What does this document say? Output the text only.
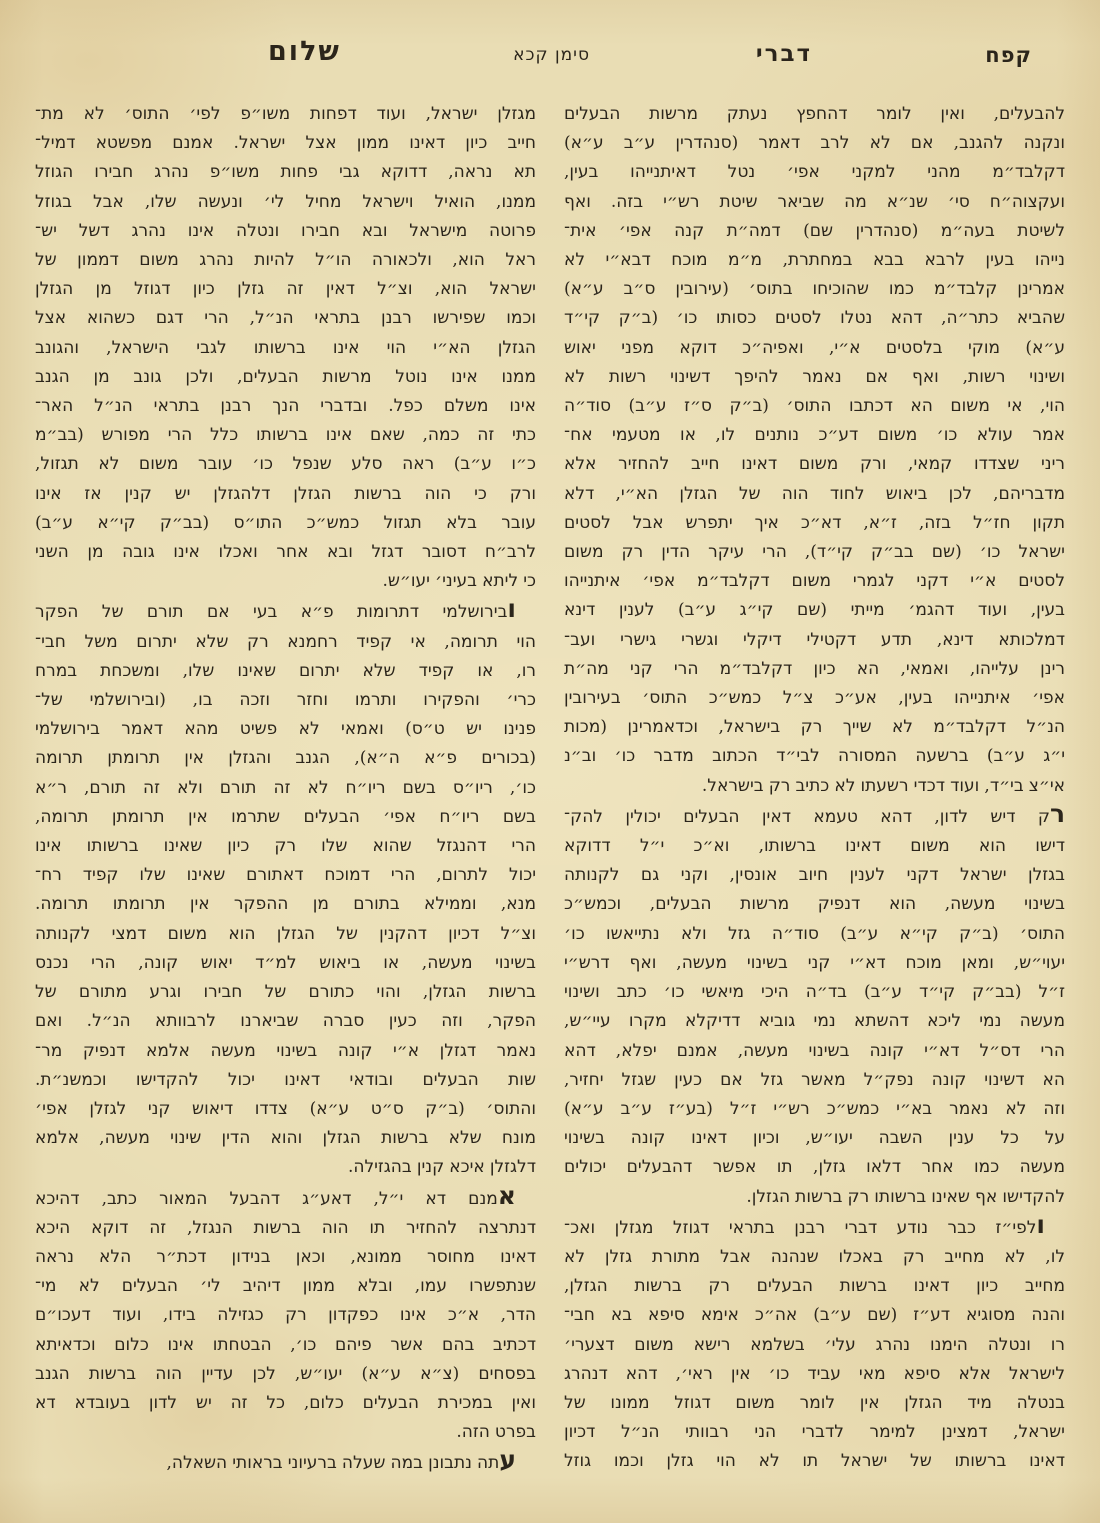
קפח
דברי
סימן קכא
שלום
להבעלים, ואין לומר דהחפץ נעתק מרשות הבעלים
ונקנה להגנב, אם לא לרב דאמר (סנהדרין ע״ב ע״א)
דקלבד״מ מהני למקני אפי׳ נטל דאיתנייהו בעין,
ועקצוה״ח סי׳ שנ״א מה שביאר שיטת רש״י בזה. ואף
לשיטת בעה״מ (סנהדרין שם) דמה״ת קנה אפי׳ אית־
נייהו בעין לרבא בבא במחתרת, מ״מ מוכח דבא״י לא
אמרינן קלבד״מ כמו שהוכיחו בתוס׳ (עירובין ס״ב ע״א)
שהביא כתר״ה, דהא נטלו לסטים כסותו כו׳ (ב״ק קי״ד
ע״א) מוקי בלסטים א״י, ואפיה״כ דוקא מפני יאוש
ושינוי רשות, ואף אם נאמר להיפך דשינוי רשות לא
הוי, אי משום הא דכתבו התוס׳ (ב״ק ס״ז ע״ב) סוד״ה
אמר עולא כו׳ משום דע״כ נותנים לו, או מטעמי אח־
ריני שצדדו קמאי, ורק משום דאינו חייב להחזיר אלא
מדבריהם, לכן ביאוש לחוד הוה של הגזלן הא״י, דלא
תקון חז״ל בזה, ז״א, דא״כ איך יתפרש אבל לסטים
ישראל כו׳ (שם בב״ק קי״ד), הרי עיקר הדין רק משום
לסטים א״י דקני לגמרי משום דקלבד״מ אפי׳ איתנייהו
בעין, ועוד דהגמ׳ מייתי (שם קי״ג ע״ב) לענין דינא
דמלכותא דינא, תדע דקטילי דיקלי וגשרי גישרי ועב־
רינן עלייהו, ואמאי, הא כיון דקלבד״מ הרי קני מה״ת
אפי׳ איתנייהו בעין, אע״כ צ״ל כמש״כ התוס׳ בעירובין
הנ״ל דקלבד״מ לא שייך רק בישראל, וכדאמרינן (מכות
י״ג ע״ב) ברשעה המסורה לבי״ד הכתוב מדבר כו׳ וב״נ
אי״צ בי״ד, ועוד דכדי רשעתו לא כתיב רק בישראל.
רק דיש לדון, דהא טעמא דאין הבעלים יכולין להק־
דישו הוא משום דאינו ברשותו, וא״כ י״ל דדוקא
בגזלן ישראל דקני לענין חיוב אונסין, וקני גם לקנותה
בשינוי מעשה, הוא דנפיק מרשות הבעלים, וכמש״כ
התוס׳ (ב״ק קי״א ע״ב) סוד״ה גזל ולא נתייאשו כו׳
יעוי״ש, ומאן מוכח דא״י קני בשינוי מעשה, ואף דרש״י
ז״ל (בב״ק קי״ד ע״ב) בד״ה היכי מיאשי כו׳ כתב ושינוי
מעשה נמי ליכא דהשתא נמי גוביא דדיקלא מקרו עיי״ש,
הרי דס״ל דא״י קונה בשינוי מעשה, אמנם יפלא, דהא
הא דשינוי קונה נפק״ל מאשר גזל אם כעין שגזל יחזיר,
וזה לא נאמר בא״י כמש״כ רש״י ז״ל (בע״ז ע״ב ע״א)
על כל ענין השבה יעו״ש, וכיון דאינו קונה בשינוי
מעשה כמו אחר דלאו גזלן, תו אפשר דהבעלים יכולים
להקדישו אף שאינו ברשותו רק ברשות הגזלן.
ולפי״ז כבר נודע דברי רבנן בתראי דגוזל מגזלן ואכ־
לו, לא מחייב רק באכלו שנהנה אבל מתורת גזלן לא
מחייב כיון דאינו ברשות הבעלים רק ברשות הגזלן,
והנה מסוגיא דע״ז (שם ע״ב) אה״כ אימא סיפא בא חבי־
רו ונטלה הימנו נהרג עלי׳ בשלמא רישא משום דצערי׳
לישראל אלא סיפא מאי עביד כו׳ אין ראי׳, דהא דנהרג
בנטלה מיד הגזלן אין לומר משום דגוזל ממונו של
ישראל, דמצינן למימר לדברי הני רבוותי הנ״ל דכיון
דאינו ברשותו של ישראל תו לא הוי גזלן וכמו גוזל
מגזלן ישראל, ועוד דפחות משו״פ לפי׳ התוס׳ לא מת־
חייב כיון דאינו ממון אצל ישראל. אמנם מפשטא דמיל־
תא נראה, דדוקא גבי פחות משו״פ נהרג חבירו הגוזל
ממנו, הואיל וישראל מחיל לי׳ ונעשה שלו, אבל בגוזל
פרוטה מישראל ובא חבירו ונטלה אינו נהרג דשל יש־
ראל הוא, ולכאורה הו״ל להיות נהרג משום דממון של
ישראל הוא, וצ״ל דאין זה גזלן כיון דגוזל מן הגזלן
וכמו שפירשו רבנן בתראי הנ״ל, הרי דגם כשהוא אצל
הגזלן הא״י הוי אינו ברשותו לגבי הישראל, והגונב
ממנו אינו נוטל מרשות הבעלים, ולכן גונב מן הגנב
אינו משלם כפל. ובדברי הנך רבנן בתראי הנ״ל האר־
כתי זה כמה, שאם אינו ברשותו כלל הרי מפורש (בב״מ
כ״ו ע״ב) ראה סלע שנפל כו׳ עובר משום לא תגזול,
ורק כי הוה ברשות הגזלן דלהגזלן יש קנין אז אינו
עובר בלא תגזול כמש״כ התו״ס (בב״ק קי״א ע״ב)
לרב״ח דסובר דגזל ובא אחר ואכלו אינו גובה מן השני
כי ליתא בעיני׳ יעו״ש.
ובירושלמי דתרומות פ״א בעי אם תורם של הפקר
הוי תרומה, אי קפיד רחמנא רק שלא יתרום משל חבי־
רו, או קפיד שלא יתרום שאינו שלו, ומשכחת במרח
כרי׳ והפקירו ותרמו וחזר וזכה בו, (ובירושלמי של־
פנינו יש ט״ס) ואמאי לא פשיט מהא דאמר בירושלמי
(בכורים פ״א ה״א), הגנב והגזלן אין תרומתן תרומה
כו׳, ריו״ס בשם ריו״ח לא זה תורם ולא זה תורם, ר״א
בשם ריו״ח אפי׳ הבעלים שתרמו אין תרומתן תרומה,
הרי דהנגזל שהוא שלו רק כיון שאינו ברשותו אינו
יכול לתרום, הרי דמוכח דאתורם שאינו שלו קפיד רח־
מנא, וממילא בתורם מן ההפקר אין תרומתו תרומה.
וצ״ל דכיון דהקנין של הגזלן הוא משום דמצי לקנותה
בשינוי מעשה, או ביאוש למ״ד יאוש קונה, הרי נכנס
ברשות הגזלן, והוי כתורם של חבירו וגרע מתורם של
הפקר, וזה כעין סברה שביארנו לרבוותא הנ״ל. ואם
נאמר דגזלן א״י קונה בשינוי מעשה אלמא דנפיק מר־
שות הבעלים ובודאי דאינו יכול להקדישו וכמשנ״ת.
והתוס׳ (ב״ק ס״ט ע״א) צדדו דיאוש קני לגזלן אפי׳
מונח שלא ברשות הגזלן והוא הדין שינוי מעשה, אלמא
דלגזלן איכא קנין בהגזילה.
אמנם דא י״ל, דאע״ג דהבעל המאור כתב, דהיכא
דנתרצה להחזיר תו הוה ברשות הנגזל, זה דוקא היכא
דאינו מחוסר ממונא, וכאן בנידון דכת״ר הלא נראה
שנתפשרו עמו, ובלא ממון דיהיב לי׳ הבעלים לא מי־
הדר, א״כ אינו כפקדון רק כגזילה בידו, ועוד דעכו״ם
דכתיב בהם אשר פיהם כו׳, הבטחתו אינו כלום וכדאיתא
בפסחים (צ״א ע״א) יעו״ש, לכן עדיין הוה ברשות הגנב
ואין במכירת הבעלים כלום, כל זה יש לדון בעובדא דא
בפרט הזה.
עתה נתבונן במה שעלה ברעיוני בראותי השאלה,
